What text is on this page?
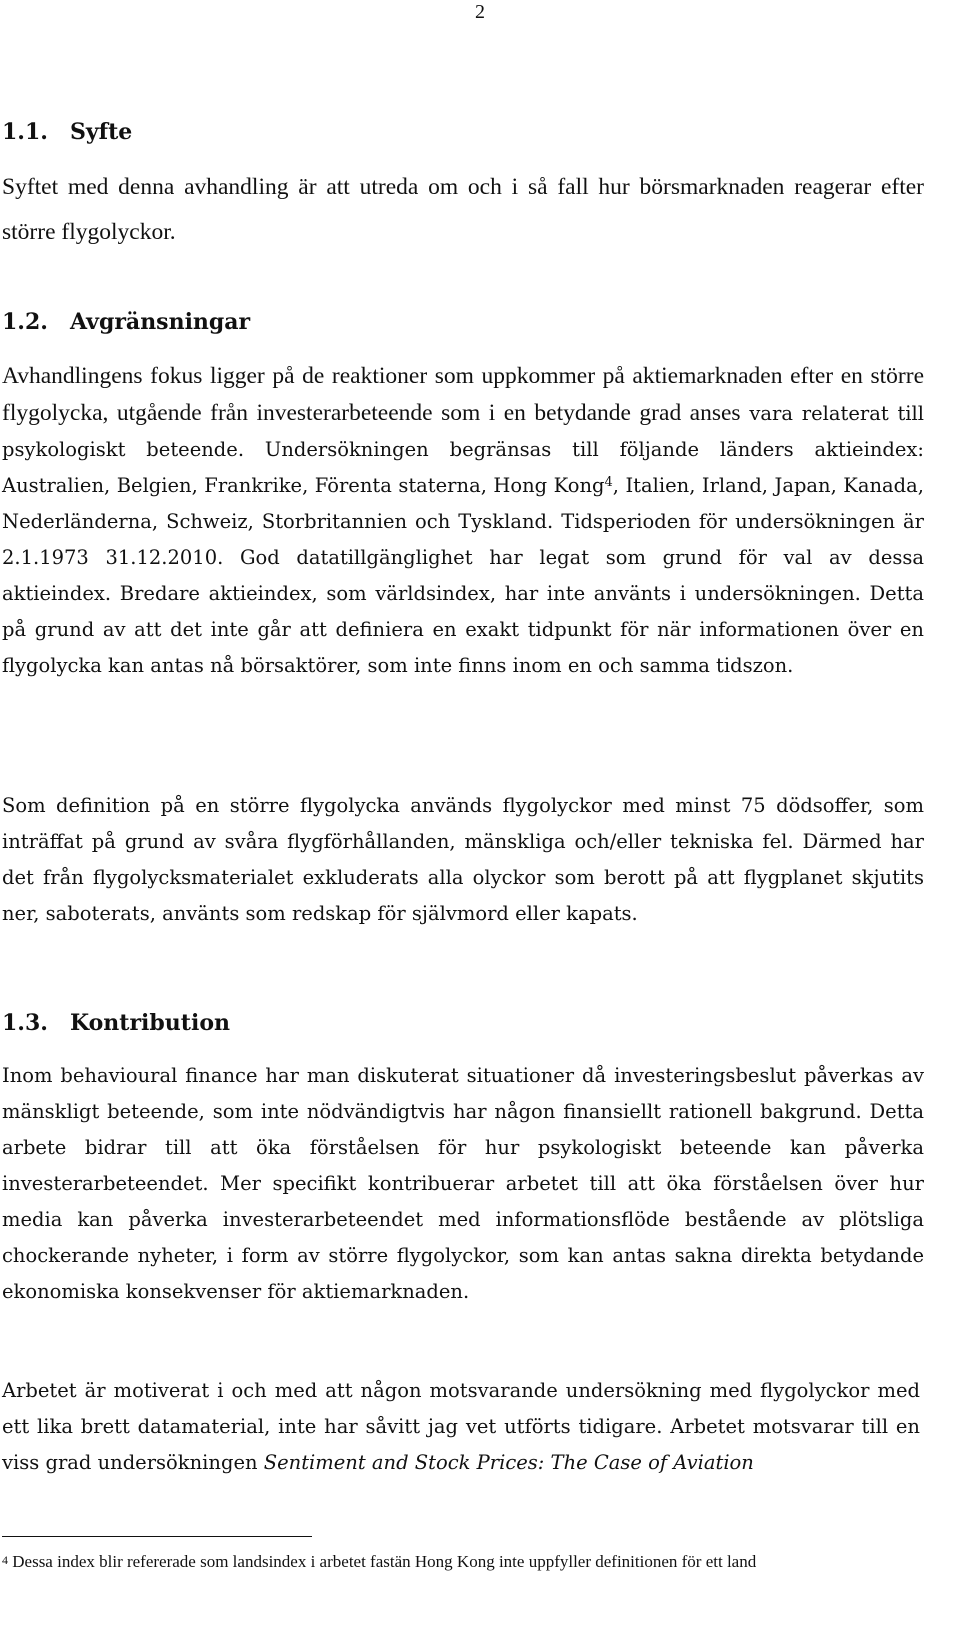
2
1.1. Syfte

Syftet med denna avhandling är att utreda om och i så fall hur börsmarknaden reagerar efter större flygolyckor.

1.2. Avgränsningar

Avhandlingens fokus ligger på de reaktioner som uppkommer på aktiemarknaden efter en större flygolycka, utgående från investerarbeteende som i en betydande grad anses vara relaterat till psykologiskt beteende. Undersökningen begränsas till följande länders aktieindex: Australien, Belgien, Frankrike, Förenta staterna, Hong Kong$^4$, Italien, Irland, Japan, Kanada, Nederländerna, Schweiz, Storbritannien och Tyskland. Tidsperioden för undersökningen är 2.1.1973 31.12.2010. God datatillgänglighet har legat som grund för val av dessa aktieindex. Bredare aktieindex, som världsindex, har inte använts i undersökningen. Detta på grund av att det inte går att definiera en exakt tidpunkt för när informationen över en flygolycka kan antas nå börsaktörer, som inte finns inom en och samma tidszon.

Som definition på en större flygolycka används flygolyckor med minst 75 dödsoffer, som inträffat på grund av svåra flygförhållanden, mänskliga och/eller tekniska fel. Därmed har det från flygolycksmaterialet exkluderats alla olyckor som berott på att flygplanet skjutits ner, saboterats, använts som redskap för självmord eller kapats.

1.3. Kontribution

Inom behavioural finance har man diskuterat situationer då investeringsbeslut påverkas av mänskligt beteende, som inte nödvändigtvis har någon finansiellt rationell bakgrund. Detta arbete bidrar till att öka förståelsen för hur psykologiskt beteende kan påverka investerarbeteendet. Mer specifikt kontribuerar arbetet till att öka förståelsen över hur media kan påverka investerarbeteendet med informationsflöde bestående av plötsliga chockerande nyheter, i form av större flygolyckor, som kan antas sakna direkta betydande ekonomiska konsekvenser för aktiemarknaden.

Arbetet är motiverat i och med att någon motsvarande undersökning med flygolyckor med ett lika brett datamaterial, inte har såvitt jag vet utförts tidigare. Arbetet motsvarar till en viss grad undersökningen Sentiment and Stock Prices: The Case of Aviation

4 Dessa index blir refererade som landsindex i arbetet fastän Hong Kong inte uppfyller definitionen för ett land
